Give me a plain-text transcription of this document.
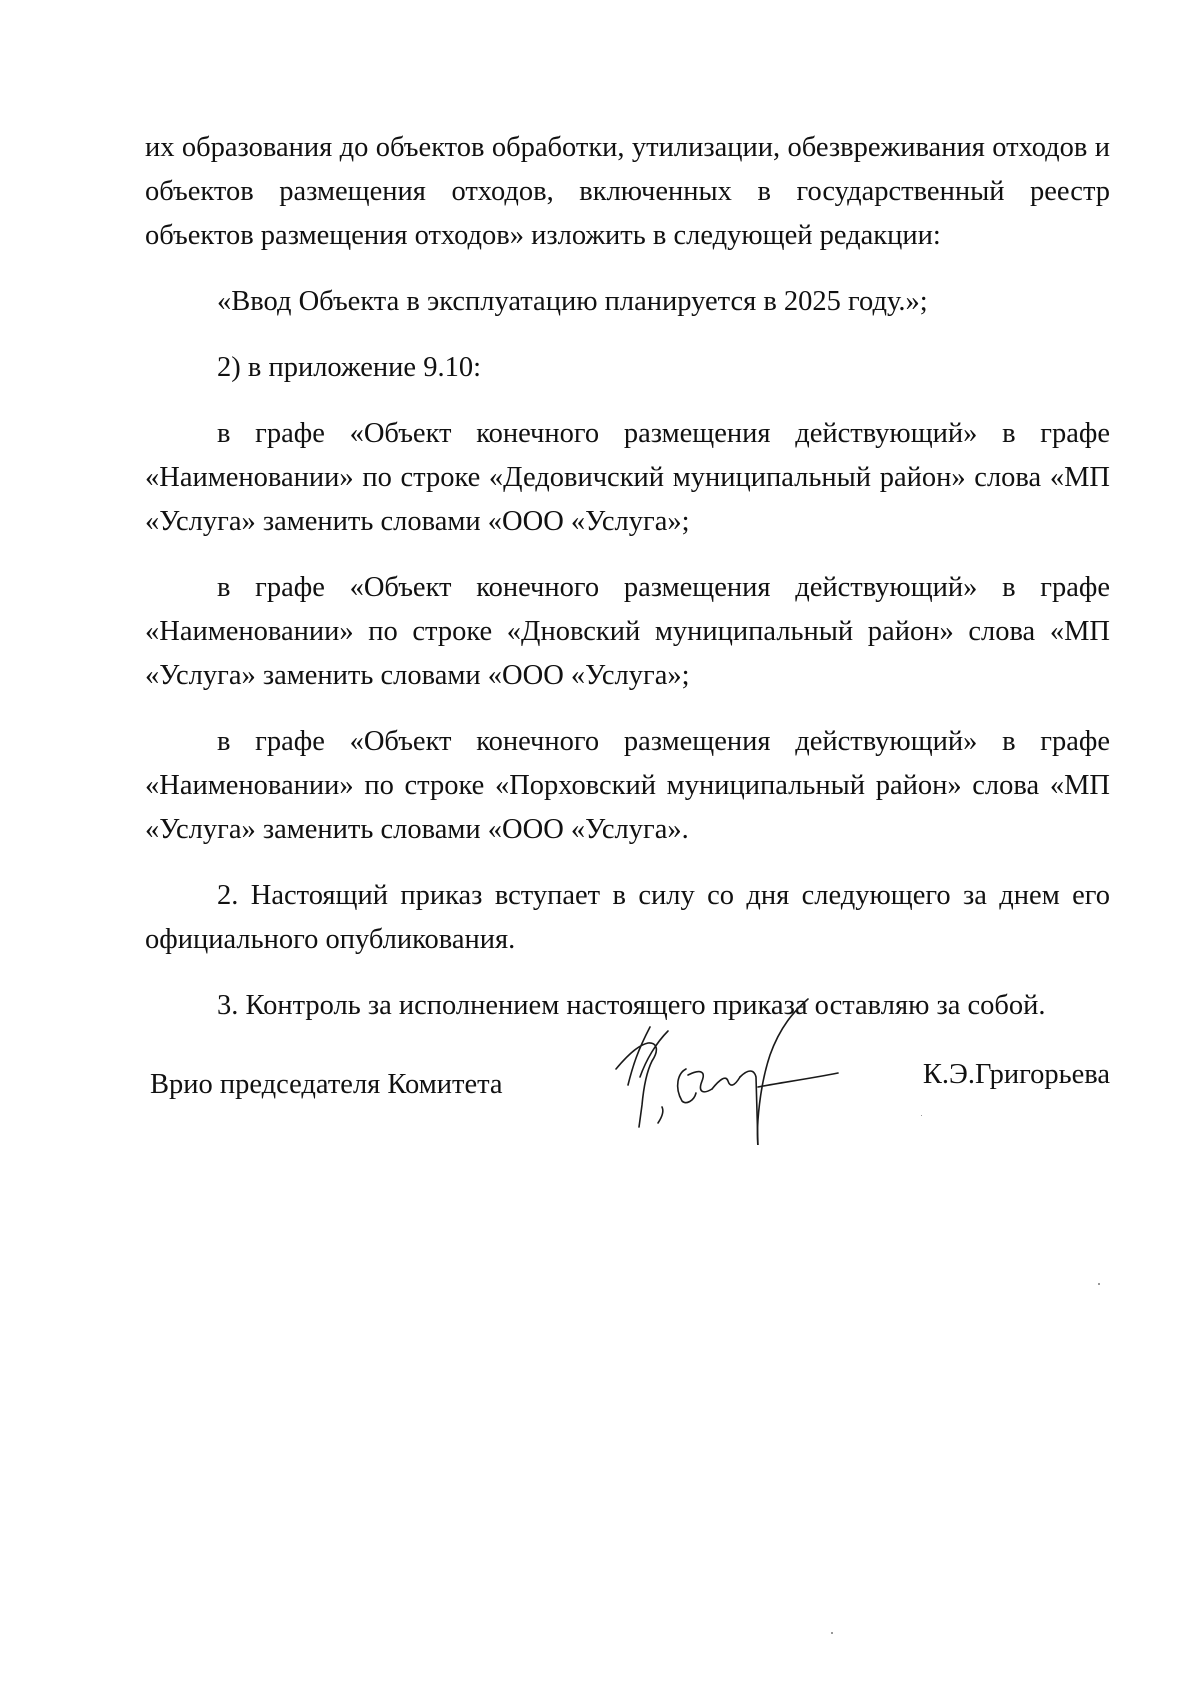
их образования до объектов обработки, утилизации, обезвреживания отходов и объектов размещения отходов, включенных в государственный реестр объектов размещения отходов» изложить в следующей редакции:

«Ввод Объекта в эксплуатацию планируется в 2025 году.»;

2) в приложение 9.10:

в графе «Объект конечного размещения действующий» в графе «Наименовании» по строке «Дедовичский муниципальный район» слова «МП «Услуга» заменить словами «ООО «Услуга»;

в графе «Объект конечного размещения действующий» в графе «Наименовании» по строке «Дновский муниципальный район» слова «МП «Услуга» заменить словами «ООО «Услуга»;

в графе «Объект конечного размещения действующий» в графе «Наименовании» по строке «Порховский муниципальный район» слова «МП «Услуга» заменить словами «ООО «Услуга».

2. Настоящий приказ вступает в силу со дня следующего за днем его официального опубликования.

3. Контроль за исполнением настоящего приказа оставляю за собой.

Врио председателя Комитета	К.Э.Григорьева
